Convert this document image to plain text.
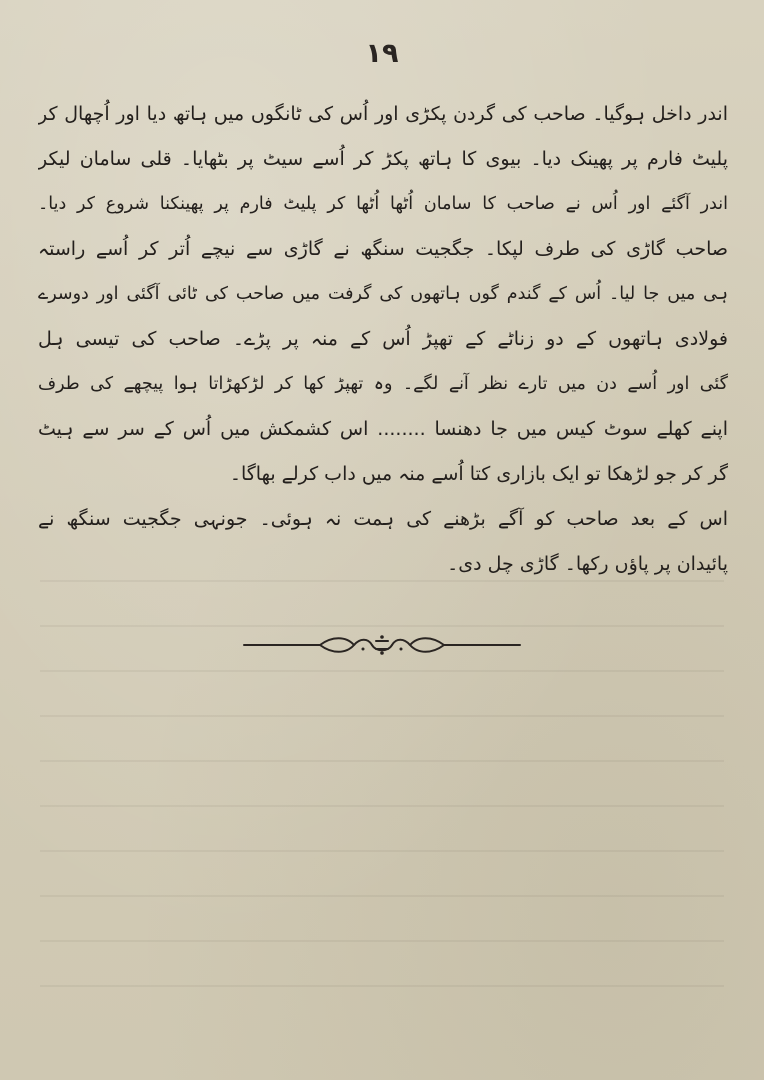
١٩
اندر داخل ہوگیا۔ صاحب کی گردن پکڑی اور اُس کی ٹانگوں میں ہاتھ دیا اور اُچھال کر
پلیٹ فارم پر پھینک دیا۔ بیوی کا ہاتھ پکڑ کر اُسے سیٹ پر بٹھایا۔ قلی سامان لیکر
اندر آگئے اور اُس نے صاحب کا سامان اُٹھا اُٹھا کر پلیٹ فارم پر پھینکنا شروع کر دیا۔
صاحب گاڑی کی طرف لپکا۔ جگجیت سنگھ نے گاڑی سے نیچے اُتر کر اُسے راستہ
ہی میں جا لیا۔ اُس کے گندم گوں ہاتھوں کی گرفت میں صاحب کی ٹائی آگئی اور دوسرے
فولادی ہاتھوں کے دو زناٹے کے تھپڑ اُس کے منہ پر پڑے۔ صاحب کی تیسی ہل
گئی اور اُسے دن میں تارے نظر آنے لگے۔ وہ تھپڑ کھا کر لڑکھڑاتا ہوا پیچھے کی طرف
اپنے کھلے سوٹ کیس میں جا دھنسا ........ اس کشمکش میں اُس کے سر سے ہیٹ
گر کر جو لڑھکا تو ایک بازاری کتا اُسے منہ میں داب کرلے بھاگا۔
اس کے بعد صاحب کو آگے بڑھنے کی ہمت نہ ہوئی۔ جونہی جگجیت سنگھ نے
پائیدان پر پاؤں رکھا۔ گاڑی چل دی۔
